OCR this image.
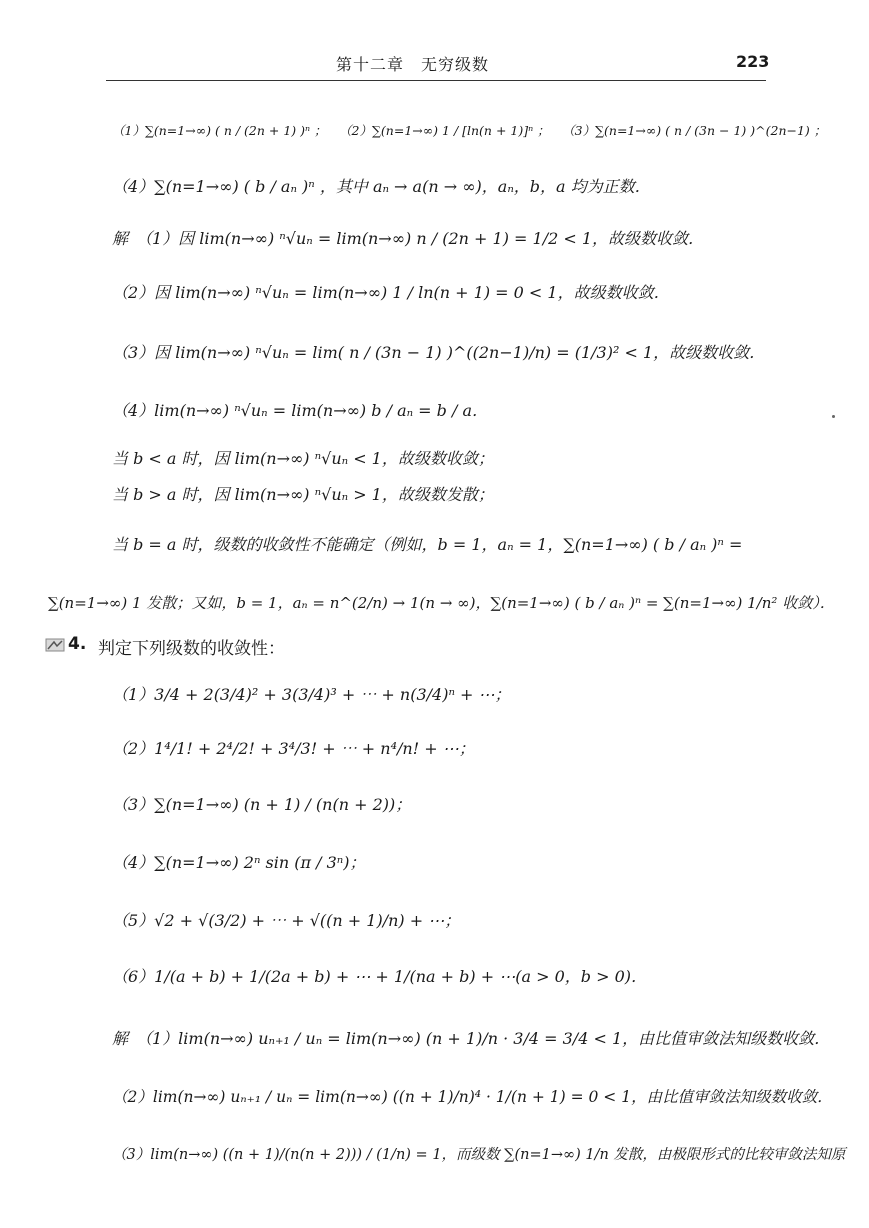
第十二章　无穷级数	223
（1）∑(n=1→∞) ( n / (2n + 1) )ⁿ ；　　（2）∑(n=1→∞) 1 / [ln(n + 1)]ⁿ ；　　（3）∑(n=1→∞) ( n / (3n − 1) )^(2n−1) ；
（4）∑(n=1→∞) ( b / aₙ )ⁿ ，其中 aₙ → a(n → ∞)，aₙ，b，a 均为正数．
解　（1）因 lim(n→∞) ⁿ√uₙ = lim(n→∞) n / (2n + 1) = 1/2 < 1，故级数收敛．
（2）因 lim(n→∞) ⁿ√uₙ = lim(n→∞) 1 / ln(n + 1) = 0 < 1，故级数收敛．
（3）因 lim(n→∞) ⁿ√uₙ = lim( n / (3n − 1) )^((2n−1)/n) = (1/3)² < 1，故级数收敛．
（4）lim(n→∞) ⁿ√uₙ = lim(n→∞) b / aₙ = b / a．
当 b < a 时，因 lim(n→∞) ⁿ√uₙ < 1，故级数收敛；
当 b > a 时，因 lim(n→∞) ⁿ√uₙ > 1，故级数发散；
当 b = a 时，级数的收敛性不能确定（例如，b = 1，aₙ = 1，∑(n=1→∞) ( b / aₙ )ⁿ =
∑(n=1→∞) 1 发散；又如，b = 1，aₙ = n^(2/n) → 1(n → ∞)，∑(n=1→∞) ( b / aₙ )ⁿ = ∑(n=1→∞) 1/n² 收敛）．
4. 判定下列级数的收敛性：
（1）3/4 + 2(3/4)² + 3(3/4)³ + ⋯ + n(3/4)ⁿ + ⋯；
（2）1⁴/1! + 2⁴/2! + 3⁴/3! + ⋯ + n⁴/n! + ⋯；
（3）∑(n=1→∞) (n + 1) / (n(n + 2))；
（4）∑(n=1→∞) 2ⁿ sin (π / 3ⁿ)；
（5）√2 + √(3/2) + ⋯ + √((n + 1)/n) + ⋯；
（6）1/(a + b) + 1/(2a + b) + ⋯ + 1/(na + b) + ⋯(a > 0，b > 0)．
解　（1）lim(n→∞) uₙ₊₁ / uₙ = lim(n→∞) (n + 1)/n · 3/4 = 3/4 < 1，由比值审敛法知级数收敛．
（2）lim(n→∞) uₙ₊₁ / uₙ = lim(n→∞) ((n + 1)/n)⁴ · 1/(n + 1) = 0 < 1，由比值审敛法知级数收敛．
（3）lim(n→∞) ((n + 1)/(n(n + 2))) / (1/n) = 1，而级数 ∑(n=1→∞) 1/n 发散，由极限形式的比较审敛法知原
